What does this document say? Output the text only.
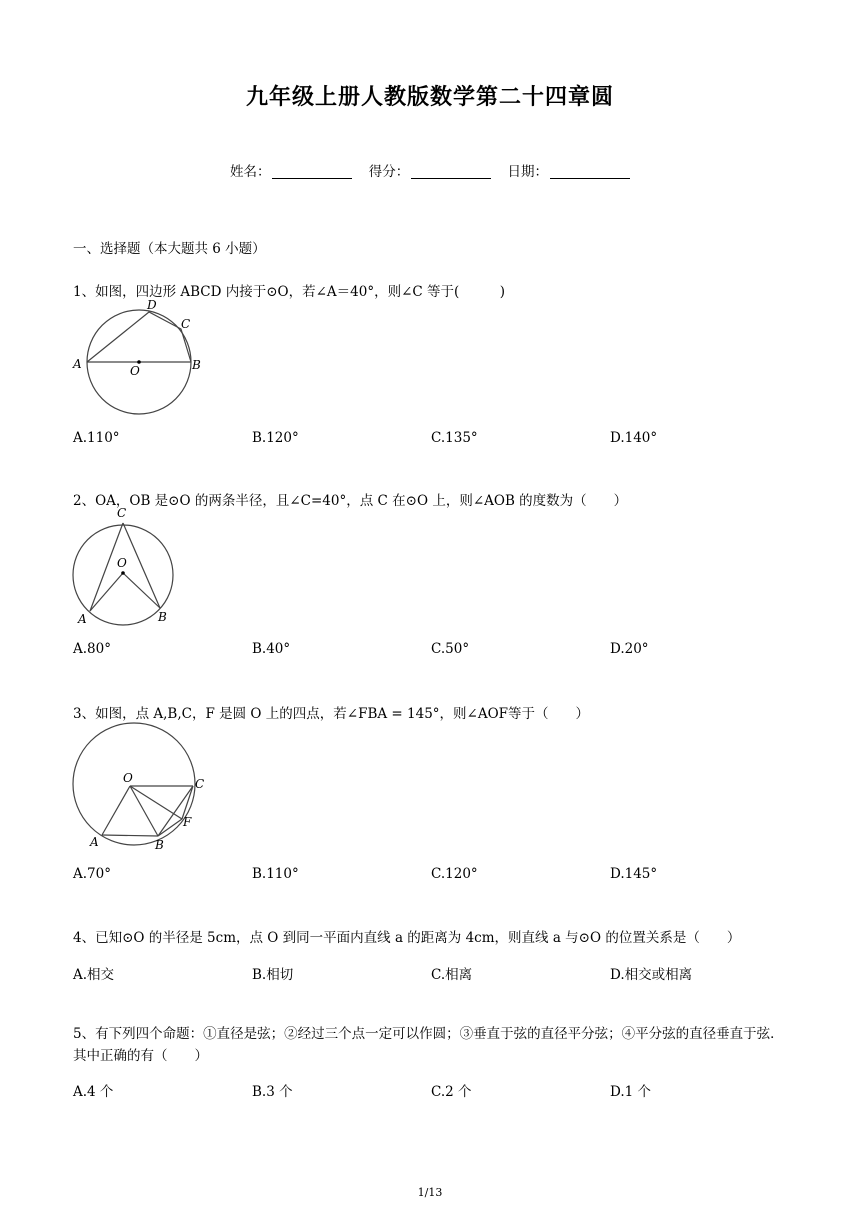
九年级上册人教版数学第二十四章圆
姓名：	得分：	日期：
一、选择题（本大题共 6 小题）
1、如图，四边形 ABCD 内接于⊙O，若∠A＝40°，则∠C 等于(　　　)
A	B
C
D
O
A.110°	B.120°	C.135°	D.140°
2、OA，OB 是⊙O 的两条半径，且∠C=40°，点 C 在⊙O 上，则∠AOB 的度数为（　　）
C
O
A	B
A.80°	B.40°	C.50°	D.20°
3、如图，点 A,B,C，F 是圆 O 上的四点，若∠FBA = 145°，则∠AOF等于（　　）
O	C
F
A	B
A.70°	B.110°	C.120°	D.145°
4、已知⊙O 的半径是 5cm，点 O 到同一平面内直线 a 的距离为 4cm，则直线 a 与⊙O 的位置关系是（　　）
A.相交	B.相切	C.相离	D.相交或相离
5、有下列四个命题：①直径是弦；②经过三个点一定可以作圆；③垂直于弦的直径平分弦；④平分弦的直径垂直于弦．其中正确的有（　　）
A.4 个	B.3 个	C.2 个	D.1 个
1/13
